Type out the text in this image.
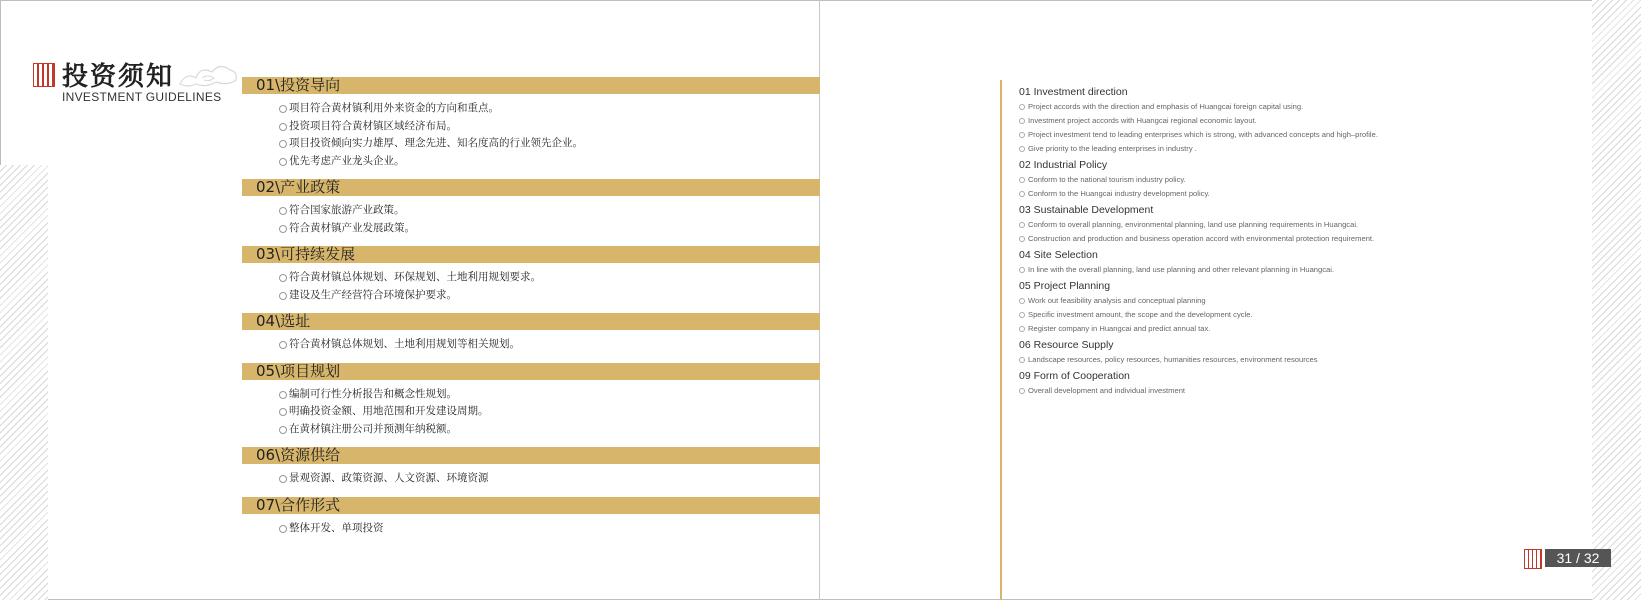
投资须知
INVESTMENT GUIDELINES
01\投资导向
项目符合黄材镇利用外来资金的方向和重点。
投资项目符合黄材镇区域经济布局。
项目投资倾向实力雄厚、理念先进、知名度高的行业领先企业。
优先考虑产业龙头企业。
02\产业政策
符合国家旅游产业政策。
符合黄材镇产业发展政策。
03\可持续发展
符合黄材镇总体规划、环保规划、土地利用规划要求。
建设及生产经营符合环境保护要求。
04\选址
符合黄材镇总体规划、土地利用规划等相关规划。
05\项目规划
编制可行性分析报告和概念性规划。
明确投资金额、用地范围和开发建设周期。
在黄材镇注册公司并预测年纳税额。
06\资源供给
景观资源、政策资源、人文资源、环境资源
07\合作形式
整体开发、单项投资
01 Investment direction
Project accords with the direction and emphasis of Huangcai foreign capital using.
Investment project accords with Huangcai regional economic layout.
Project investment tend to leading enterprises which is strong, with advanced concepts and high–profile.
Give priority to the leading enterprises in industry .
02 Industrial Policy
Conform to the national tourism industry policy.
Conform to the Huangcai industry development policy.
03 Sustainable Development
Conform to overall planning, environmental planning, land use planning requirements in Huangcai.
Construction and production and business operation accord with environmental protection requirement.
04 Site Selection
In line with the overall planning, land use planning and other relevant planning in Huangcai.
05 Project Planning
Work out feasibility analysis and conceptual planning
Specific investment amount, the scope and the development cycle.
Register company in Huangcai and predict annual tax.
06 Resource Supply
Landscape resources, policy resources, humanities resources, environment resources
09 Form of Cooperation
Overall development and individual investment
31 / 32
